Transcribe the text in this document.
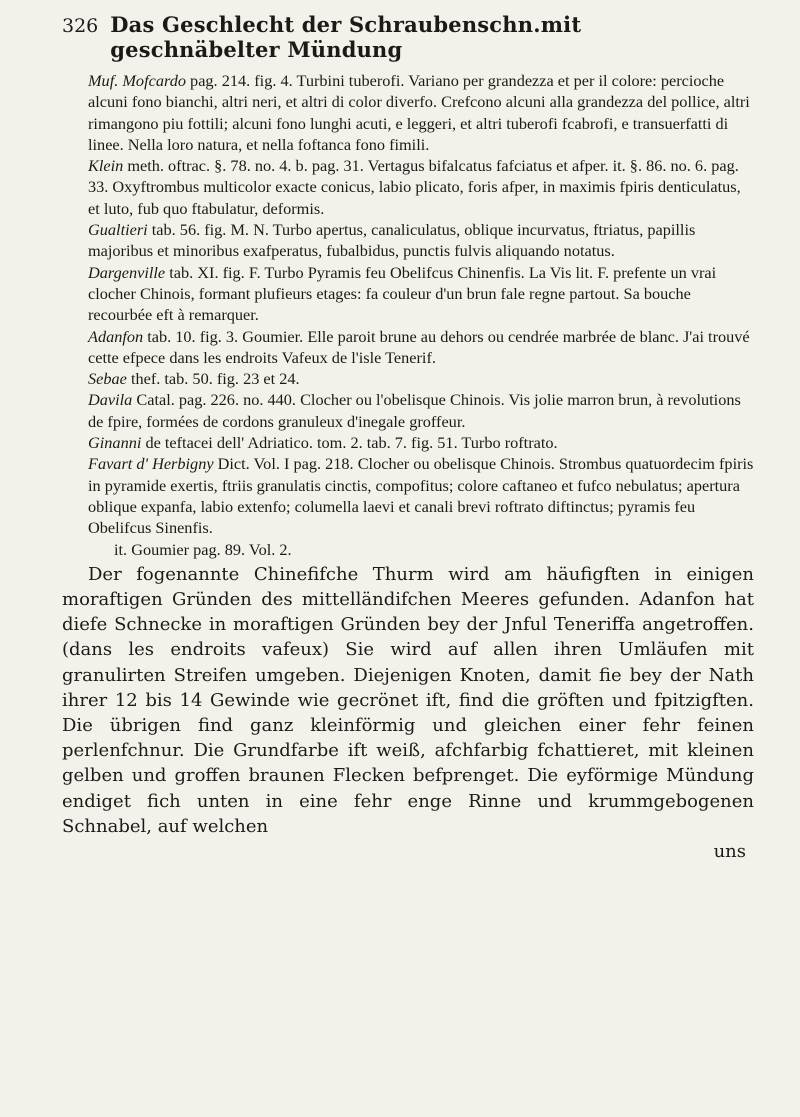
326 Das Geschlecht der Schraubenschn.mit geschnäbelter Mündung

Muf. Mofcardo pag. 214. fig. 4. Turbini tuberofi. Variano per grandezza et per il colore: percioche alcuni fono bianchi, altri neri, et altri di color diverfo. Crefcono alcuni alla grandezza del pollice, altri rimangono piu fottili; alcuni fono lunghi acuti, e leggeri, et altri tuberofi fcabrofi, e transuerfatti di linee. Nella loro natura, et nella foftanca fono fimili.

Klein meth. oftrac. §. 78. no. 4. b. pag. 31. Vertagus bifalcatus fafciatus et afper. it. §. 86. no. 6. pag. 33. Oxyftrombus multicolor exacte conicus, labio plicato, foris afper, in maximis fpiris denticulatus, et luto, fub quo ftabulatur, deformis.

Gualtieri tab. 56. fig. M. N. Turbo apertus, canaliculatus, oblique incurvatus, ftriatus, papillis majoribus et minoribus exafperatus, fubalbidus, punctis fulvis aliquando notatus.

Dargenville tab. XI. fig. F. Turbo Pyramis feu Obelifcus Chinenfis. La Vis lit. F. prefente un vrai clocher Chinois, formant plufieurs etages: fa couleur d'un brun fale regne partout. Sa bouche recourbée eft à remarquer.

Adanfon tab. 10. fig. 3. Goumier. Elle paroit brune au dehors ou cendrée marbrée de blanc. J'ai trouvé cette efpece dans les endroits Vafeux de l'isle Tenerif.

Sebae thef. tab. 50. fig. 23 et 24.

Davila Catal. pag. 226. no. 440. Clocher ou l'obelisque Chinois. Vis jolie marron brun, à revolutions de fpire, formées de cordons granuleux d'inegale groffeur.

Ginanni de teftacei dell' Adriatico. tom. 2. tab. 7. fig. 51. Turbo roftrato.

Favart d' Herbigny Dict. Vol. I pag. 218. Clocher ou obelisque Chinois. Strombus quatuordecim fpiris in pyramide exertis, ftriis granulatis cinctis, compofitus; colore caftaneo et fufco nebulatus; apertura oblique expanfa, labio extenfo; columella laevi et canali brevi roftrato diftinctus; pyramis feu Obelifcus Sinenfis.

it. Goumier pag. 89. Vol. 2.

Der fogenannte Chinefifche Thurm wird am häufigften in einigen moraftigen Gründen des mittelländifchen Meeres gefunden. Adanfon hat diefe Schnecke in moraftigen Gründen bey der Jnful Teneriffa angetroffen. (dans les endroits vafeux) Sie wird auf allen ihren Umläufen mit granulirten Streifen umgeben. Diejenigen Knoten, damit fie bey der Nath ihrer 12 bis 14 Gewinde wie gecrönet ift, find die gröften und fpitzigften. Die übrigen find ganz kleinförmig und gleichen einer fehr feinen perlenfchnur. Die Grundfarbe ift weiß, afchfarbig fchattieret, mit kleinen gelben und groffen braunen Flecken befprenget. Die eyförmige Mündung endiget fich unten in eine fehr enge Rinne und krummgebogenen Schnabel, auf welchen

uns
